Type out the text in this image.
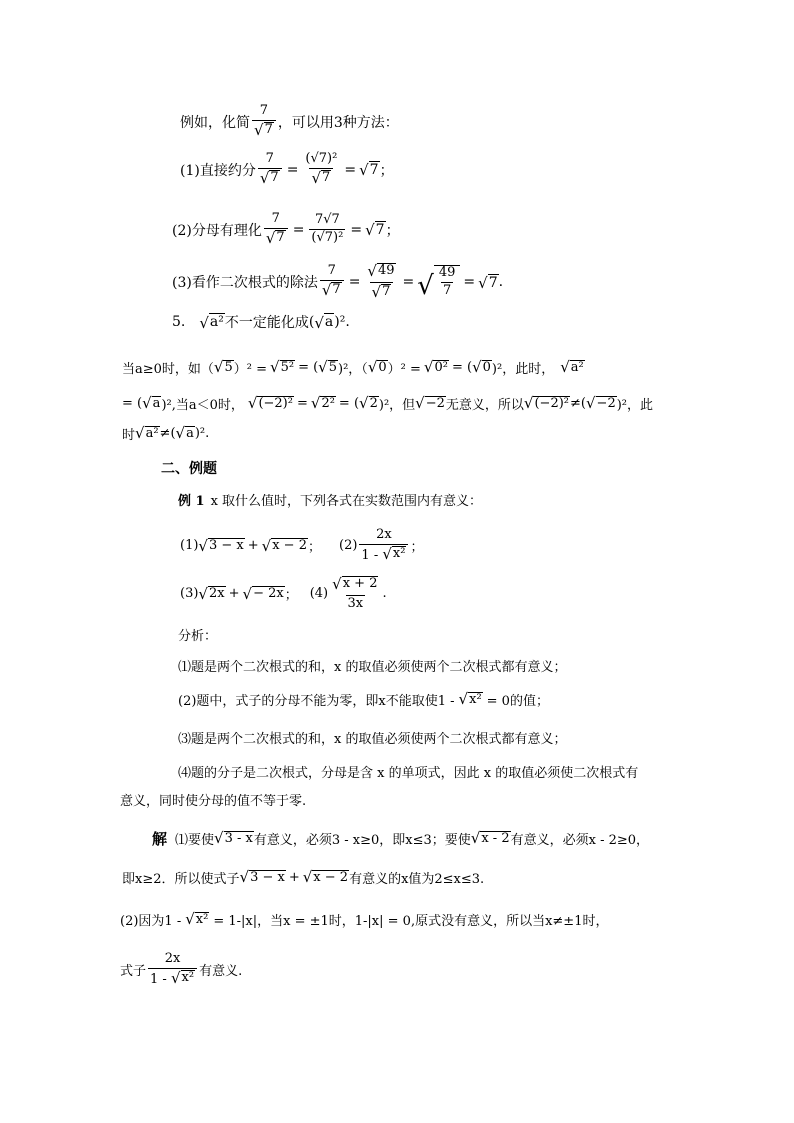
例如，化简 $\frac{7}{√ 7}$ ，可以用3种方法：
(1)直接约分 $\frac{7}{√ 7} = \frac{\text{(√7)²}}{√ 7}$ = √ 7 ；
(2)分母有理化 $\frac{7}{√ 7} = \frac{7√7}{\text{(√7)²}}$ = √ 7 ；
(3)看作二次根式的除法 $\frac{7}{√ 7} = \frac{√ 49}{√ 7}$ = √ $\frac{49}{7}$ = √ 7 .
5. √ a² 不一定能化成 ( √ a )².
当a≥0时，如（ √ 5 ）² = √ 5² = ( √ 5 )²，（ √ 0 ）² = √ 0² = ( √ 0 )²，此时， √ a²
= ( √ a )²,当a＜0时， √ (−2)² = √ 2² = ( √ 2 )²，但 √ −2 无意义，所以 √ (−2)² ≠( √ −2 )²，此
时 √ a² ≠( √ a )².
二、例题
例 1 x 取什么值时，下列各式在实数范围内有意义：
(1) √ 3 − x + √ x − 2 ； $(2) \frac{2x}{\text{1 - √ x²}}$ ；
(3) √ 2x + √ − 2x ； $(4) \frac{√ x + 2}{3x}$ .
分析：
⑴题是两个二次根式的和，x 的取值必须使两个二次根式都有意义；
(2)题中，式子的分母不能为零，即x不能取使1 - √ x² = 0的值；
⑶题是两个二次根式的和，x 的取值必须使两个二次根式都有意义；
⑷题的分子是二次根式，分母是含 x 的单项式，因此 x 的取值必须使二次根式有
意义，同时使分母的值不等于零.
解 ⑴要使 √ 3 - x 有意义，必须3 - x≥0，即x≤3；要使 √ x - 2 有意义，必须x - 2≥0，
即x≥2．所以使式子 √ 3 − x + √ x − 2 有意义的x值为2≤x≤3.
(2)因为1 - √ x² = 1-|x|，当x = ±1时，1-|x| = 0,原式没有意义，所以当x≠±1时，
式子 $\frac{2x}{\text{1 - √ x²}}$ 有意义.
